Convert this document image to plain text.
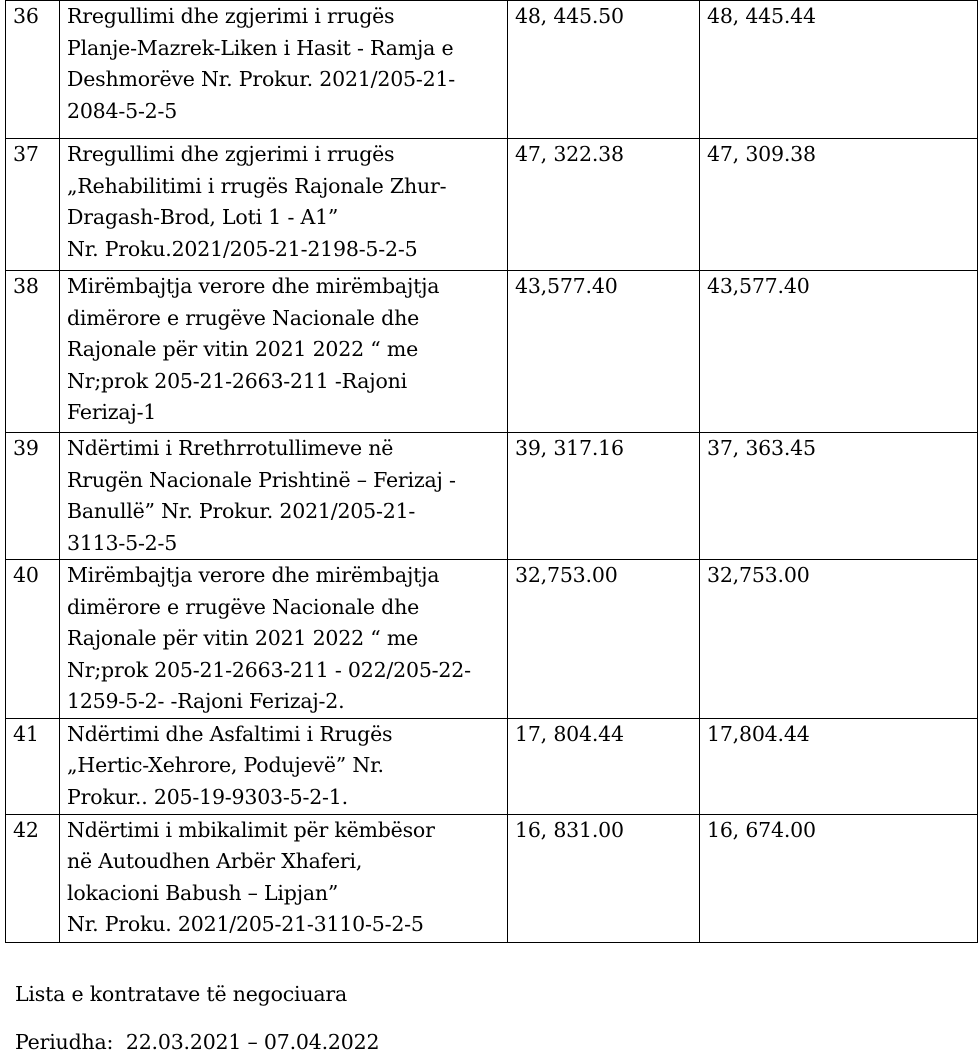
36	Rregullimi dhe zgjerimi i rrugës
Planje-Mazrek-Liken i Hasit - Ramja e
Deshmorëve Nr. Prokur. 2021/205-21-
2084-5-2-5	48, 445.50	48, 445.44
37	Rregullimi dhe zgjerimi i rrugës
„Rehabilitimi i rrugës Rajonale Zhur-
Dragash-Brod, Loti 1 - A1”
Nr. Proku.2021/205-21-2198-5-2-5	47, 322.38	47, 309.38
38	Mirëmbajtja verore dhe mirëmbajtja
dimërore e rrugëve Nacionale dhe
Rajonale për vitin 2021 2022 “ me
Nr;prok 205-21-2663-211 -Rajoni
Ferizaj-1	43,577.40	43,577.40
39	Ndërtimi i Rrethrrotullimeve në
Rrugën Nacionale Prishtinë – Ferizaj -
Banullë” Nr. Prokur. 2021/205-21-
3113-5-2-5	39, 317.16	37, 363.45
40	Mirëmbajtja verore dhe mirëmbajtja
dimërore e rrugëve Nacionale dhe
Rajonale për vitin 2021 2022 “ me
Nr;prok 205-21-2663-211 - 022/205-22-
1259-5-2- -Rajoni Ferizaj-2.	32,753.00	32,753.00
41	Ndërtimi dhe Asfaltimi i Rrugës
„Hertic-Xehrore, Podujevë” Nr.
Prokur.. 205-19-9303-5-2-1.	17, 804.44	17,804.44
42	Ndërtimi i mbikalimit për këmbësor
në Autoudhen Arbër Xhaferi,
lokacioni Babush – Lipjan”
Nr. Proku. 2021/205-21-3110-5-2-5	16, 831.00	16, 674.00
Lista e kontratave të negociuara
Periudha:  22.03.2021 – 07.04.2022
